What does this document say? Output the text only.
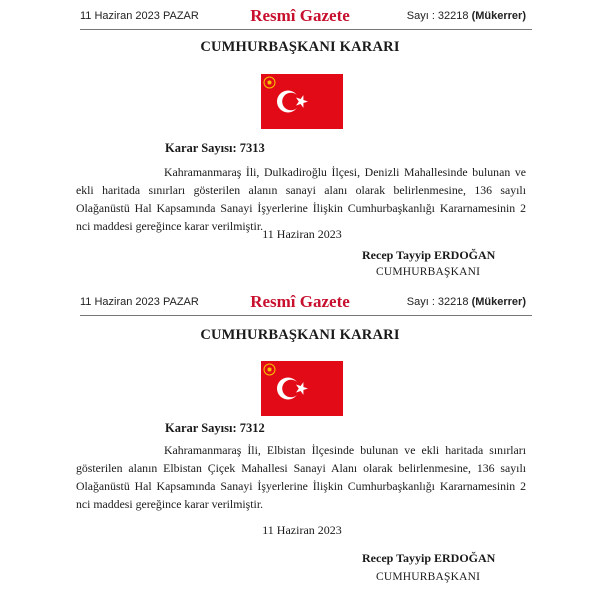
11 Haziran 2023 PAZAR	Resmî Gazete	Sayı : 32218 (Mükerrer)
CUMHURBAŞKANI KARARI
Karar Sayısı: 7313
Kahramanmaraş İli, Dulkadiroğlu İlçesi, Denizli Mahallesinde bulunan ve ekli haritada sınırları gösterilen alanın sanayi alanı olarak belirlenmesine, 136 sayılı Olağanüstü Hal Kapsamında Sanayi İşyerlerine İlişkin Cumhurbaşkanlığı Kararnamesinin 2 nci maddesi gereğince karar verilmiştir.
11 Haziran 2023
Recep Tayyip ERDOĞAN
CUMHURBAŞKANI
11 Haziran 2023 PAZAR	Resmî Gazete	Sayı : 32218 (Mükerrer)
CUMHURBAŞKANI KARARI
Karar Sayısı: 7312
Kahramanmaraş İli, Elbistan İlçesinde bulunan ve ekli haritada sınırları gösterilen alanın Elbistan Çiçek Mahallesi Sanayi Alanı olarak belirlenmesine, 136 sayılı Olağanüstü Hal Kapsamında Sanayi İşyerlerine İlişkin Cumhurbaşkanlığı Kararnamesinin 2 nci maddesi gereğince karar verilmiştir.
11 Haziran 2023
Recep Tayyip ERDOĞAN
CUMHURBAŞKANI
